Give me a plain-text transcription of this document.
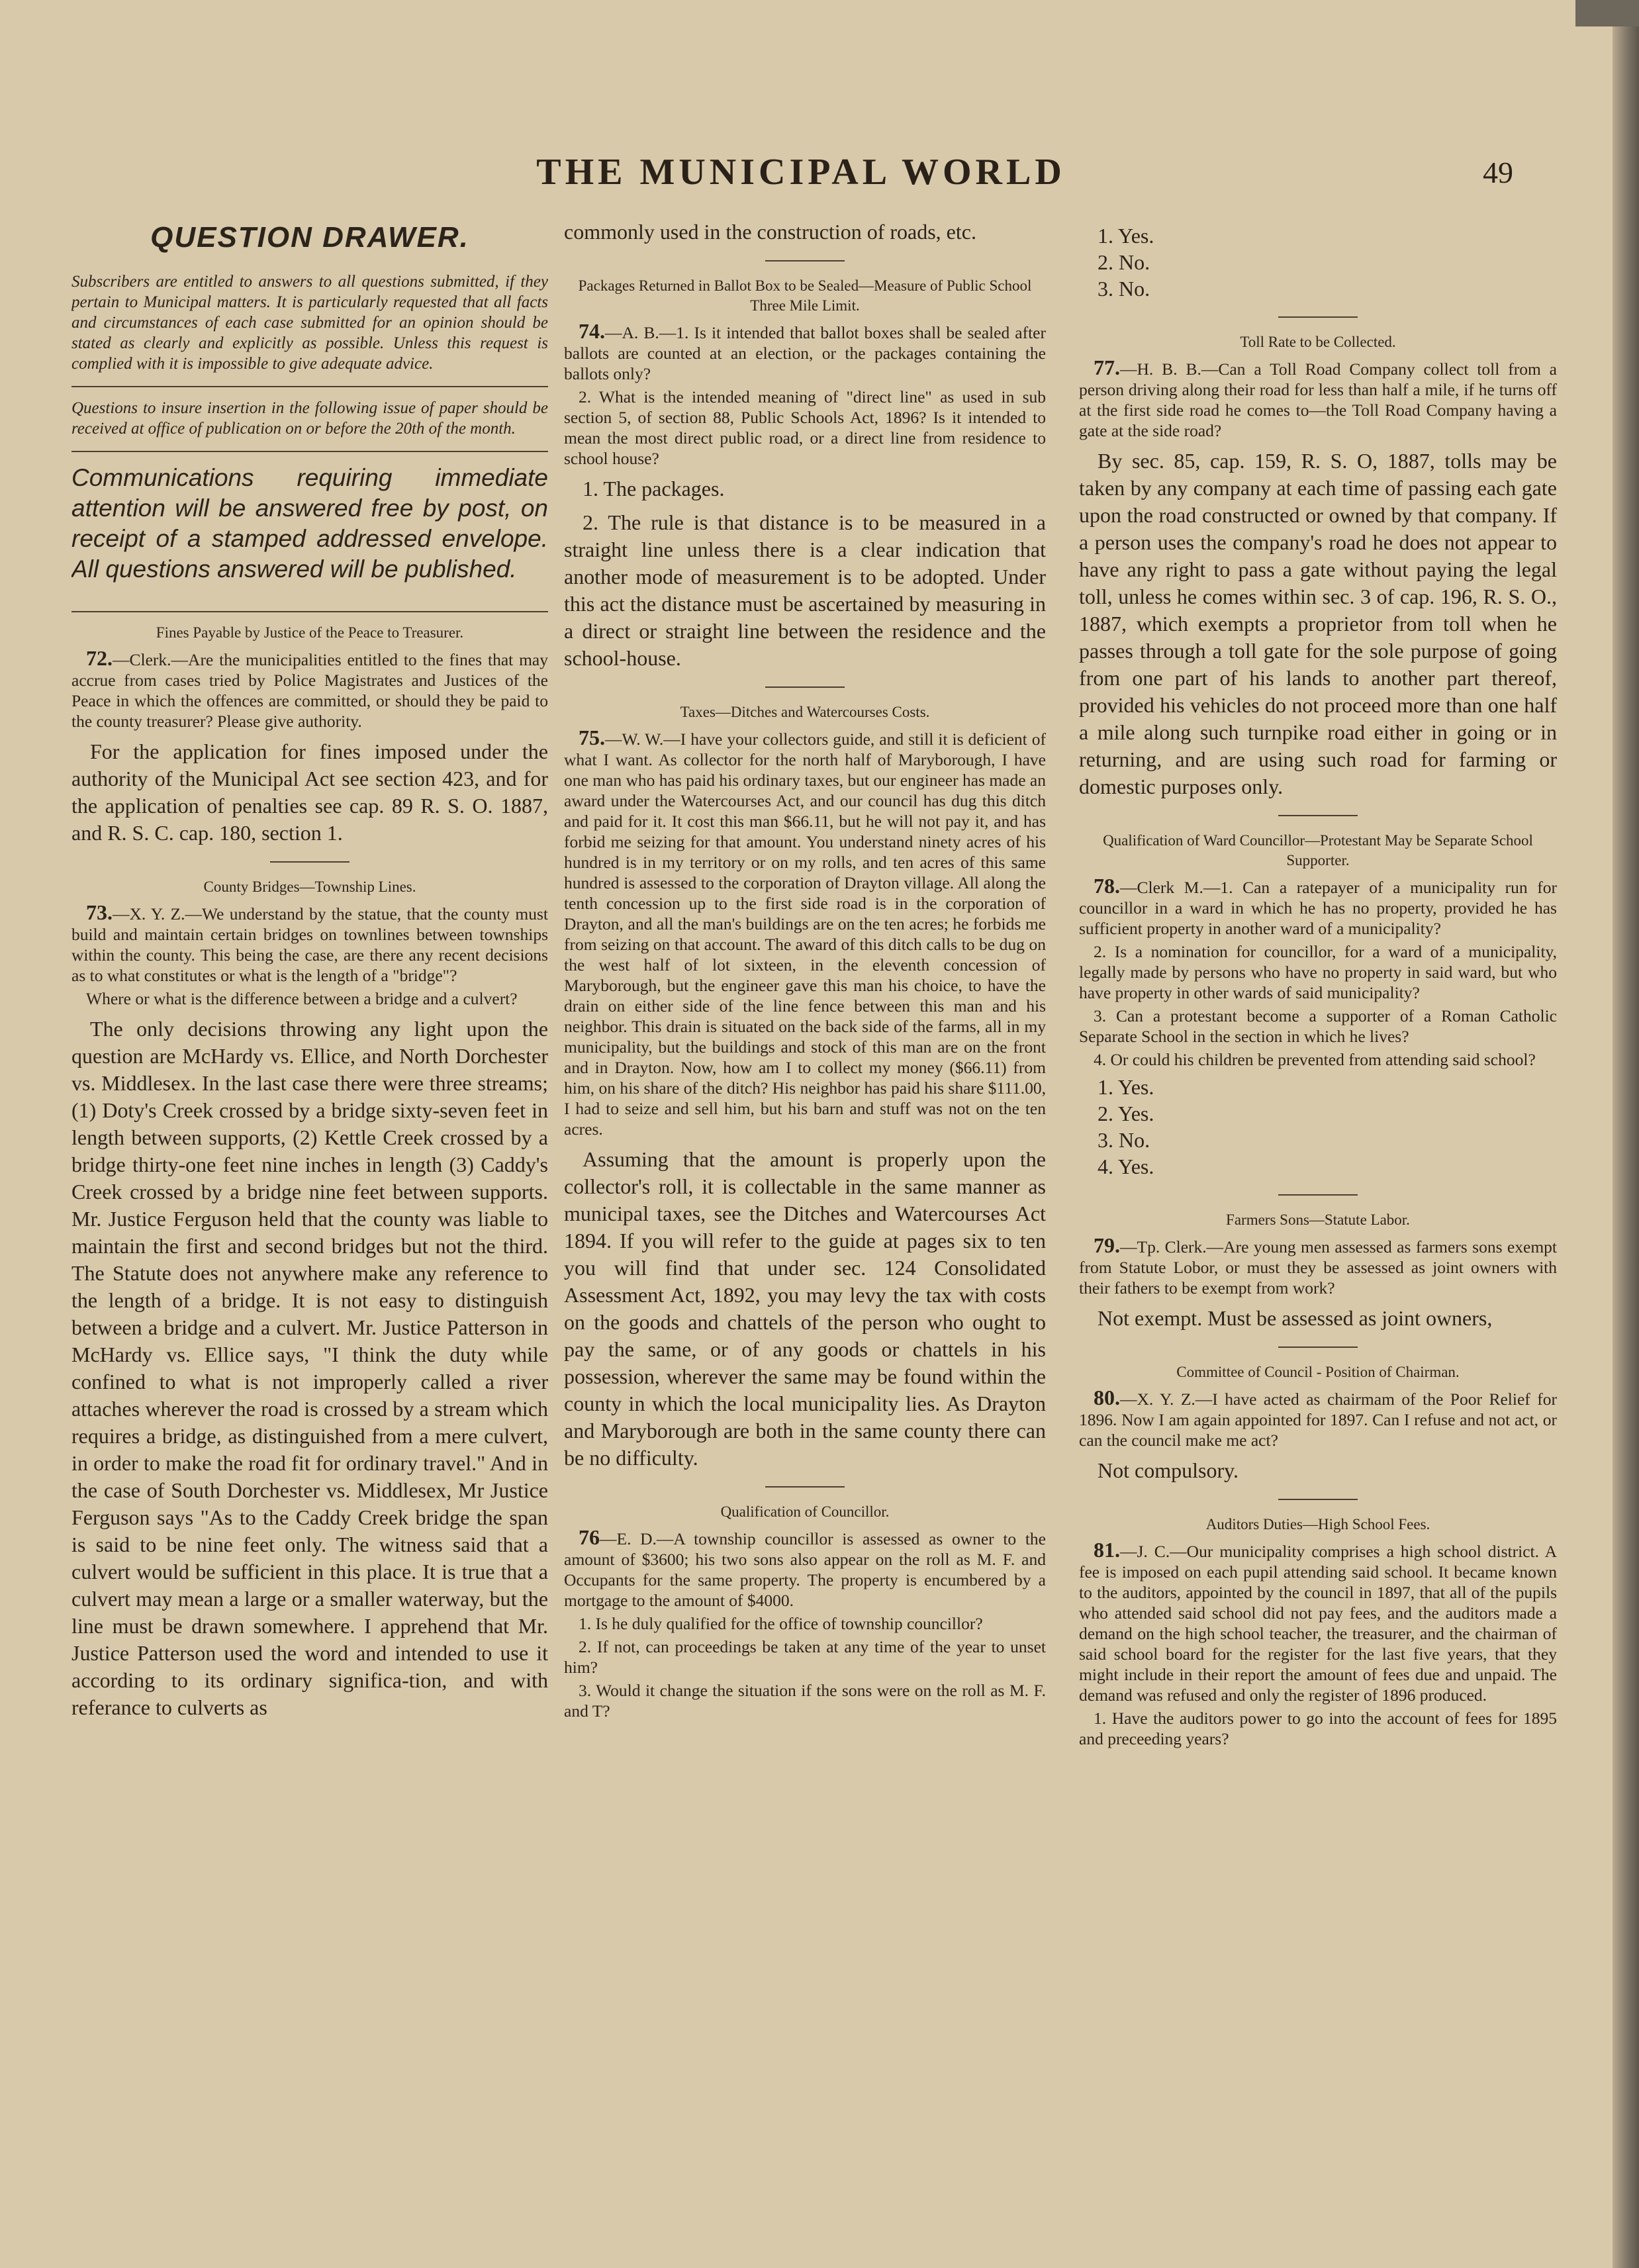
THE MUNICIPAL WORLD	49
QUESTION DRAWER.

Subscribers are entitled to answers to all questions submitted, if they pertain to Municipal matters. It is particularly requested that all facts and circumstances of each case submitted for an opinion should be stated as clearly and explicitly as possible. Unless this request is complied with it is impossible to give adequate advice.

Questions to insure insertion in the following issue of paper should be received at office of publication on or before the 20th of the month.

Communications requiring immediate attention will be answered free by post, on receipt of a stamped addressed envelope. All questions answered will be published.

Fines Payable by Justice of the Peace to Treasurer.

72.—Clerk.—Are the municipalities entitled to the fines that may accrue from cases tried by Police Magistrates and Justices of the Peace in which the offences are committed, or should they be paid to the county treasurer? Please give authority.

For the application for fines imposed under the authority of the Municipal Act see section 423, and for the application of penalties see cap. 89 R. S. O. 1887, and R. S. C. cap. 180, section 1.

County Bridges—Township Lines.

73.—X. Y. Z.—We understand by the statue, that the county must build and maintain certain bridges on townlines between townships within the county. This being the case, are there any recent decisions as to what constitutes or what is the length of a "bridge"?

Where or what is the difference between a bridge and a culvert?

The only decisions throwing any light upon the question are McHardy vs. Ellice, and North Dorchester vs. Middlesex. In the last case there were three streams; (1) Doty's Creek crossed by a bridge sixty-seven feet in length between supports, (2) Kettle Creek crossed by a bridge thirty-one feet nine inches in length (3) Caddy's Creek crossed by a bridge nine feet between supports. Mr. Justice Ferguson held that the county was liable to maintain the first and second bridges but not the third. The Statute does not anywhere make any reference to the length of a bridge. It is not easy to distinguish between a bridge and a culvert. Mr. Justice Patterson in McHardy vs. Ellice says, "I think the duty while confined to what is not improperly called a river attaches wherever the road is crossed by a stream which requires a bridge, as distinguished from a mere culvert, in order to make the road fit for ordinary travel." And in the case of South Dorchester vs. Middlesex, Mr Justice Ferguson says "As to the Caddy Creek bridge the span is said to be nine feet only. The witness said that a culvert would be sufficient in this place. It is true that a culvert may mean a large or a smaller waterway, but the line must be drawn somewhere. I apprehend that Mr. Justice Patterson used the word and intended to use it according to its ordinary significa-tion, and with referance to culverts as

commonly used in the construction of roads, etc.

Packages Returned in Ballot Box to be Sealed—Measure of Public School Three Mile Limit.

74.—A. B.—1. Is it intended that ballot boxes shall be sealed after ballots are counted at an election, or the packages containing the ballots only?

2. What is the intended meaning of "direct line" as used in sub section 5, of section 88, Public Schools Act, 1896? Is it intended to mean the most direct public road, or a direct line from residence to school house?

1. The packages.

2. The rule is that distance is to be measured in a straight line unless there is a clear indication that another mode of measurement is to be adopted. Under this act the distance must be ascertained by measuring in a direct or straight line between the residence and the school-house.

Taxes—Ditches and Watercourses Costs.

75.—W. W.—I have your collectors guide, and still it is deficient of what I want. As collector for the north half of Maryborough, I have one man who has paid his ordinary taxes, but our engineer has made an award under the Watercourses Act, and our council has dug this ditch and paid for it. It cost this man $66.11, but he will not pay it, and has forbid me seizing for that amount. You understand ninety acres of his hundred is in my territory or on my rolls, and ten acres of this same hundred is assessed to the corporation of Drayton village. All along the tenth concession up to the first side road is in the corporation of Drayton, and all the man's buildings are on the ten acres; he forbids me from seizing on that account. The award of this ditch calls to be dug on the west half of lot sixteen, in the eleventh concession of Maryborough, but the engineer gave this man his choice, to have the drain on either side of the line fence between this man and his neighbor. This drain is situated on the back side of the farms, all in my municipality, but the buildings and stock of this man are on the front and in Drayton. Now, how am I to collect my money ($66.11) from him, on his share of the ditch? His neighbor has paid his share $111.00, I had to seize and sell him, but his barn and stuff was not on the ten acres.

Assuming that the amount is properly upon the collector's roll, it is collectable in the same manner as municipal taxes, see the Ditches and Watercourses Act 1894. If you will refer to the guide at pages six to ten you will find that under sec. 124 Consolidated Assessment Act, 1892, you may levy the tax with costs on the goods and chattels of the person who ought to pay the same, or of any goods or chattels in his possession, wherever the same may be found within the county in which the local municipality lies. As Drayton and Maryborough are both in the same county there can be no difficulty.

Qualification of Councillor.

76—E. D.—A township councillor is assessed as owner to the amount of $3600; his two sons also appear on the roll as M. F. and Occupants for the same property. The property is encumbered by a mortgage to the amount of $4000.

1. Is he duly qualified for the office of township councillor?

2. If not, can proceedings be taken at any time of the year to unset him?

3. Would it change the situation if the sons were on the roll as M. F. and T?

1. Yes.
2. No.
3. No.
Toll Rate to be Collected.

77.—H. B. B.—Can a Toll Road Company collect toll from a person driving along their road for less than half a mile, if he turns off at the first side road he comes to—the Toll Road Company having a gate at the side road?

By sec. 85, cap. 159, R. S. O, 1887, tolls may be taken by any company at each time of passing each gate upon the road constructed or owned by that company. If a person uses the company's road he does not appear to have any right to pass a gate without paying the legal toll, unless he comes within sec. 3 of cap. 196, R. S. O., 1887, which exempts a proprietor from toll when he passes through a toll gate for the sole purpose of going from one part of his lands to another part thereof, provided his vehicles do not proceed more than one half a mile along such turnpike road either in going or in returning, and are using such road for farming or domestic purposes only.

Qualification of Ward Councillor—Protestant May be Separate School Supporter.

78.—Clerk M.—1. Can a ratepayer of a municipality run for councillor in a ward in which he has no property, provided he has sufficient property in another ward of a municipality?

2. Is a nomination for councillor, for a ward of a municipality, legally made by persons who have no property in said ward, but who have property in other wards of said municipality?

3. Can a protestant become a supporter of a Roman Catholic Separate School in the section in which he lives?

4. Or could his children be prevented from attending said school?

1. Yes.
2. Yes.
3. No.
4. Yes.
Farmers Sons—Statute Labor.

79.—Tp. Clerk.—Are young men assessed as farmers sons exempt from Statute Lobor, or must they be assessed as joint owners with their fathers to be exempt from work?

Not exempt. Must be assessed as joint owners,

Committee of Council - Position of Chairman.

80.—X. Y. Z.—I have acted as chairmam of the Poor Relief for 1896. Now I am again appointed for 1897. Can I refuse and not act, or can the council make me act?

Not compulsory.

Auditors Duties—High School Fees.

81.—J. C.—Our municipality comprises a high school district. A fee is imposed on each pupil attending said school. It became known to the auditors, appointed by the council in 1897, that all of the pupils who attended said school did not pay fees, and the auditors made a demand on the high school teacher, the treasurer, and the chairman of said school board for the register for the last five years, that they might include in their report the amount of fees due and unpaid. The demand was refused and only the register of 1896 produced.

1. Have the auditors power to go into the account of fees for 1895 and preceeding years?
